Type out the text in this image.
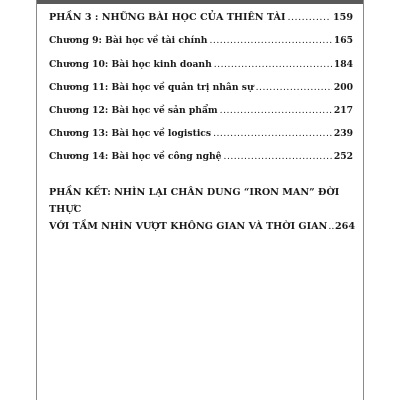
PHẦN 3 : NHỮNG BÀI HỌC CỦA THIÊN TÀI .....	159
Chương 9: Bài học về tài chính .....	165
Chương 10: Bài học kinh doanh .....	184
Chương 11: Bài học về quản trị nhân sự .....	200
Chương 12: Bài học về sản phẩm .....	217
Chương 13: Bài học về logistics .....	239
Chương 14: Bài học về công nghệ .....	252
PHẦN KẾT: NHÌN LẠI CHÂN DUNG “IRON MAN” ĐỜI THỰC
VỚI TẦM NHÌN VƯỢT KHÔNG GIAN VÀ THỜI GIAN ..... 264
